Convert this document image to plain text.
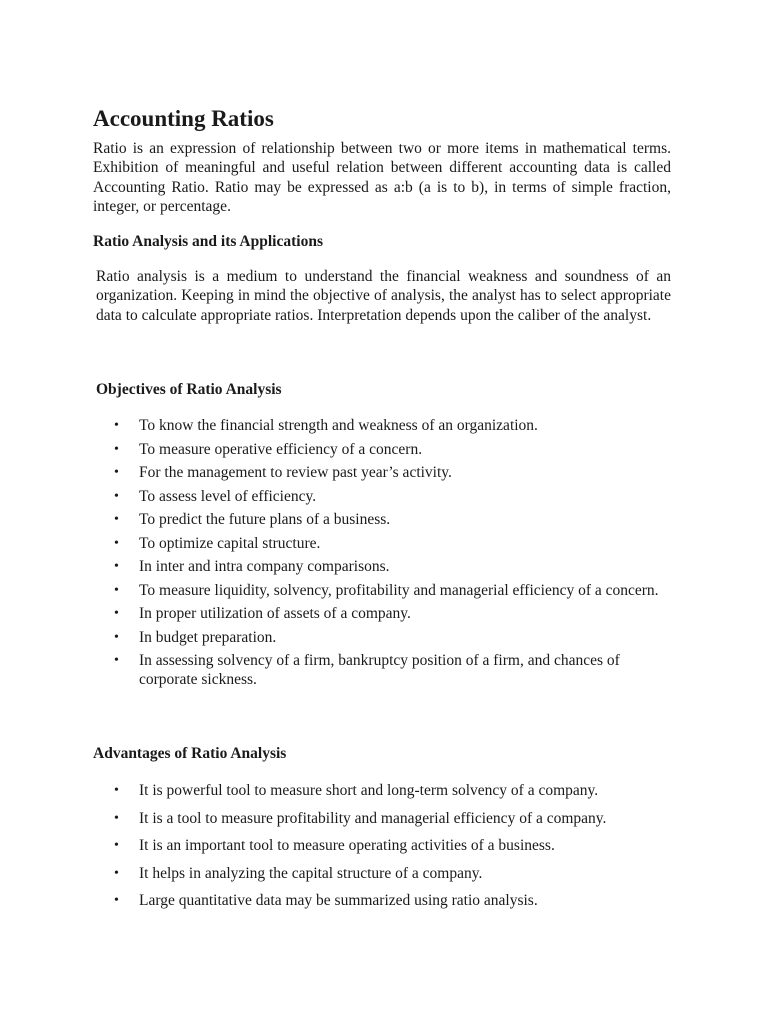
Accounting Ratios

Ratio is an expression of relationship between two or more items in mathematical terms. Exhibition of meaningful and useful relation between different accounting data is called Accounting Ratio. Ratio may be expressed as a:b (a is to b), in terms of simple fraction, integer, or percentage.

Ratio Analysis and its Applications

Ratio analysis is a medium to understand the financial weakness and soundness of an organization. Keeping in mind the objective of analysis, the analyst has to select appropriate data to calculate appropriate ratios. Interpretation depends upon the caliber of the analyst.

Objectives of Ratio Analysis
• To know the financial strength and weakness of an organization.
• To measure operative efficiency of a concern.
• For the management to review past year’s activity.
• To assess level of efficiency.
• To predict the future plans of a business.
• To optimize capital structure.
• In inter and intra company comparisons.
• To measure liquidity, solvency, profitability and managerial efficiency of a concern.
• In proper utilization of assets of a company.
• In budget preparation.
• In assessing solvency of a firm, bankruptcy position of a firm, and chances of corporate sickness.
Advantages of Ratio Analysis
• It is powerful tool to measure short and long-term solvency of a company.
• It is a tool to measure profitability and managerial efficiency of a company.
• It is an important tool to measure operating activities of a business.
• It helps in analyzing the capital structure of a company.
• Large quantitative data may be summarized using ratio analysis.
